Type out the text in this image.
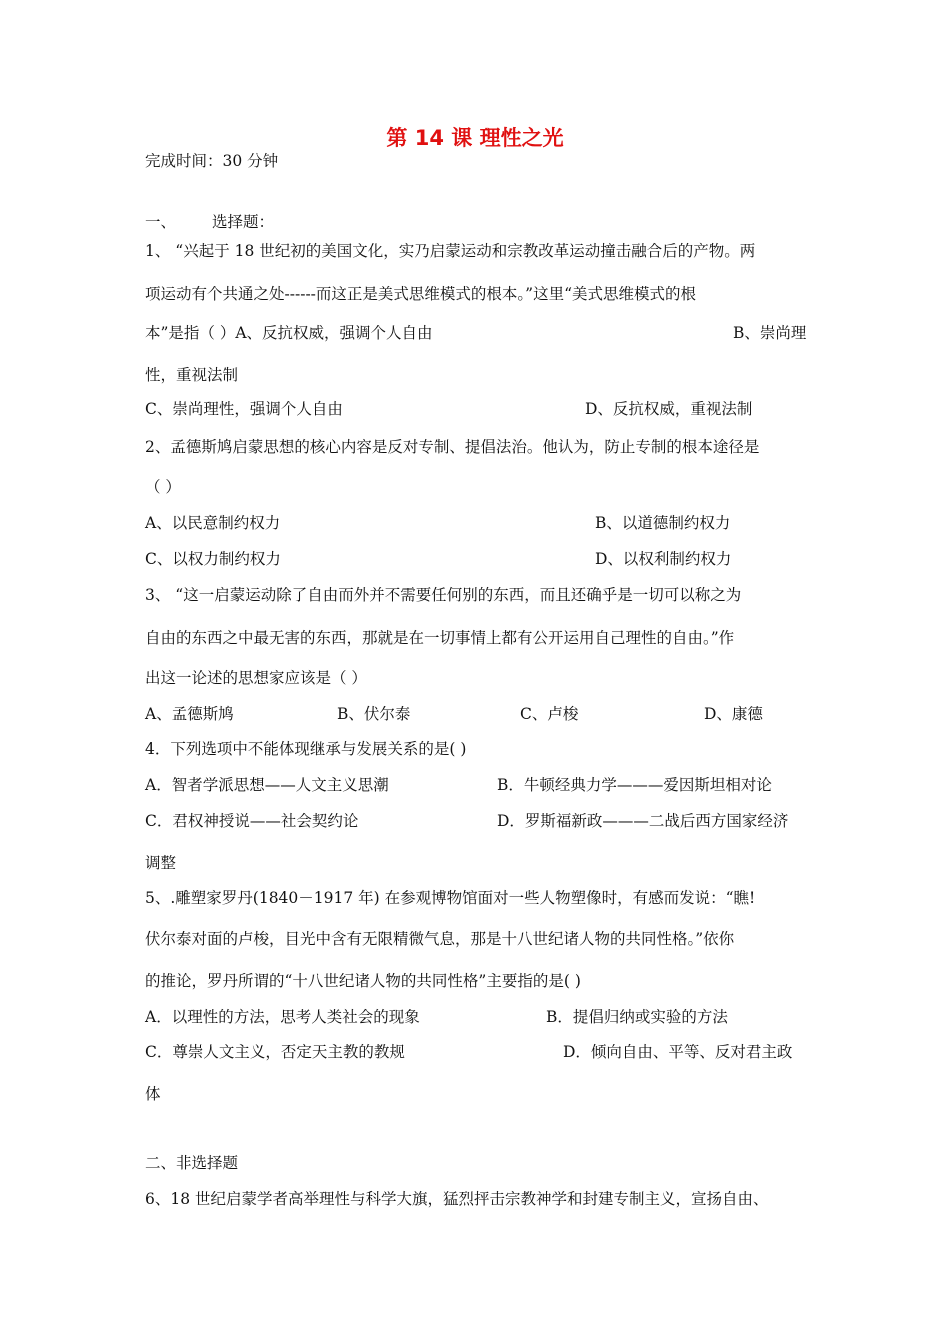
第 14 课 理性之光
完成时间：30 分钟
一、 选择题：
1、 “兴起于 18 世纪初的美国文化，实乃启蒙运动和宗教改革运动撞击融合后的产物。两
项运动有个共通之处------而这正是美式思维模式的根本。”这里“美式思维模式的根
本”是指（ ）A、反抗权威，强调个人自由	B、崇尚理
性，重视法制
C、崇尚理性，强调个人自由	D、反抗权威，重视法制
2、孟德斯鸠启蒙思想的核心内容是反对专制、提倡法治。他认为，防止专制的根本途径是
（ ）
A、以民意制约权力	B、以道德制约权力
C、以权力制约权力	D、以权利制约权力
3、 “这一启蒙运动除了自由而外并不需要任何别的东西，而且还确乎是一切可以称之为
自由的东西之中最无害的东西，那就是在一切事情上都有公开运用自己理性的自由。”作
出这一论述的思想家应该是（ ）
A、孟德斯鸠	B、伏尔泰	C、卢梭	D、康德
4．下列选项中不能体现继承与发展关系的是( )
A．智者学派思想——人文主义思潮	B．牛顿经典力学———爱因斯坦相对论
C．君权神授说——社会契约论	D．罗斯福新政———二战后西方国家经济
调整
5、.雕塑家罗丹(1840－1917 年) 在参观博物馆面对一些人物塑像时，有感而发说：“瞧!
伏尔泰对面的卢梭，目光中含有无限精微气息，那是十八世纪诸人物的共同性格。”依你
的推论，罗丹所谓的“十八世纪诸人物的共同性格”主要指的是( )
A．以理性的方法，思考人类社会的现象	B．提倡归纳或实验的方法
C．尊崇人文主义，否定天主教的教规	D．倾向自由、平等、反对君主政
体
二、非选择题
6、18 世纪启蒙学者高举理性与科学大旗，猛烈抨击宗教神学和封建专制主义，宣扬自由、
